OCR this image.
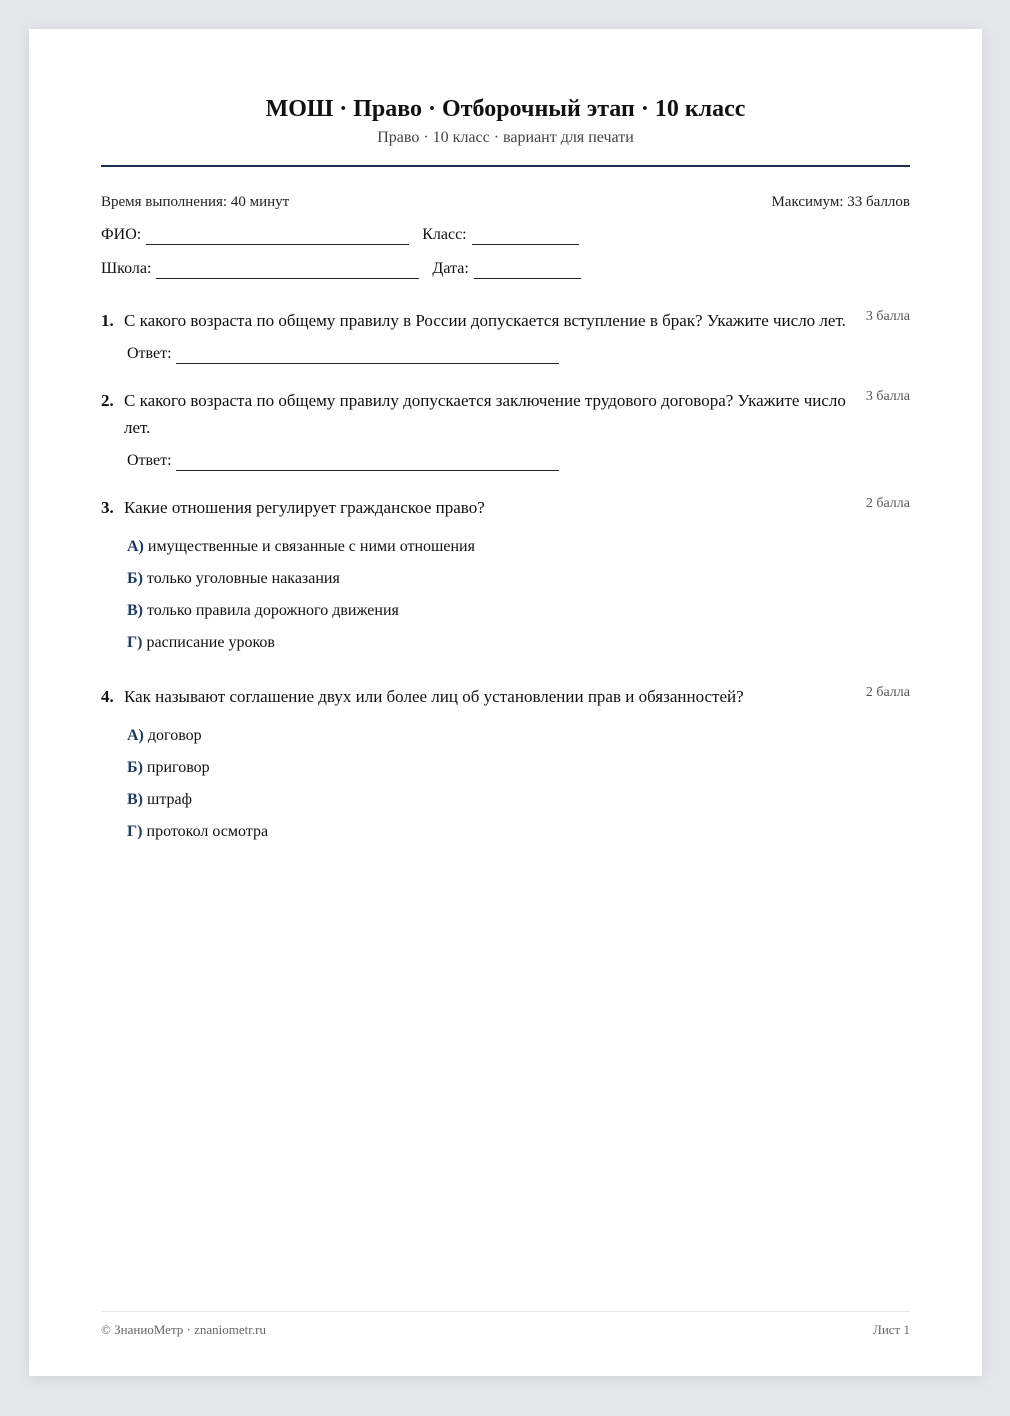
МОШ · Право · Отборочный этап · 10 класс
Право · 10 класс · вариант для печати
Время выполнения: 40 минут	Максимум: 33 баллов
ФИО:	Класс:
Школа:	Дата:
1. С какого возраста по общему правилу в России допускается вступление в брак? Укажите число лет.	3 балла
Ответ:
2. С какого возраста по общему правилу допускается заключение трудового договора? Укажите число лет.
3 балла
Ответ:
3. Какие отношения регулирует гражданское право?	2 балла
А) имущественные и связанные с ними отношения
Б) только уголовные наказания
В) только правила дорожного движения
Г) расписание уроков
4. Как называют соглашение двух или более лиц об установлении прав и обязанностей?	2 балла
А) договор
Б) приговор
В) штраф
Г) протокол осмотра
© ЗнаниоМетр · znaniometr.ru	Лист 1
